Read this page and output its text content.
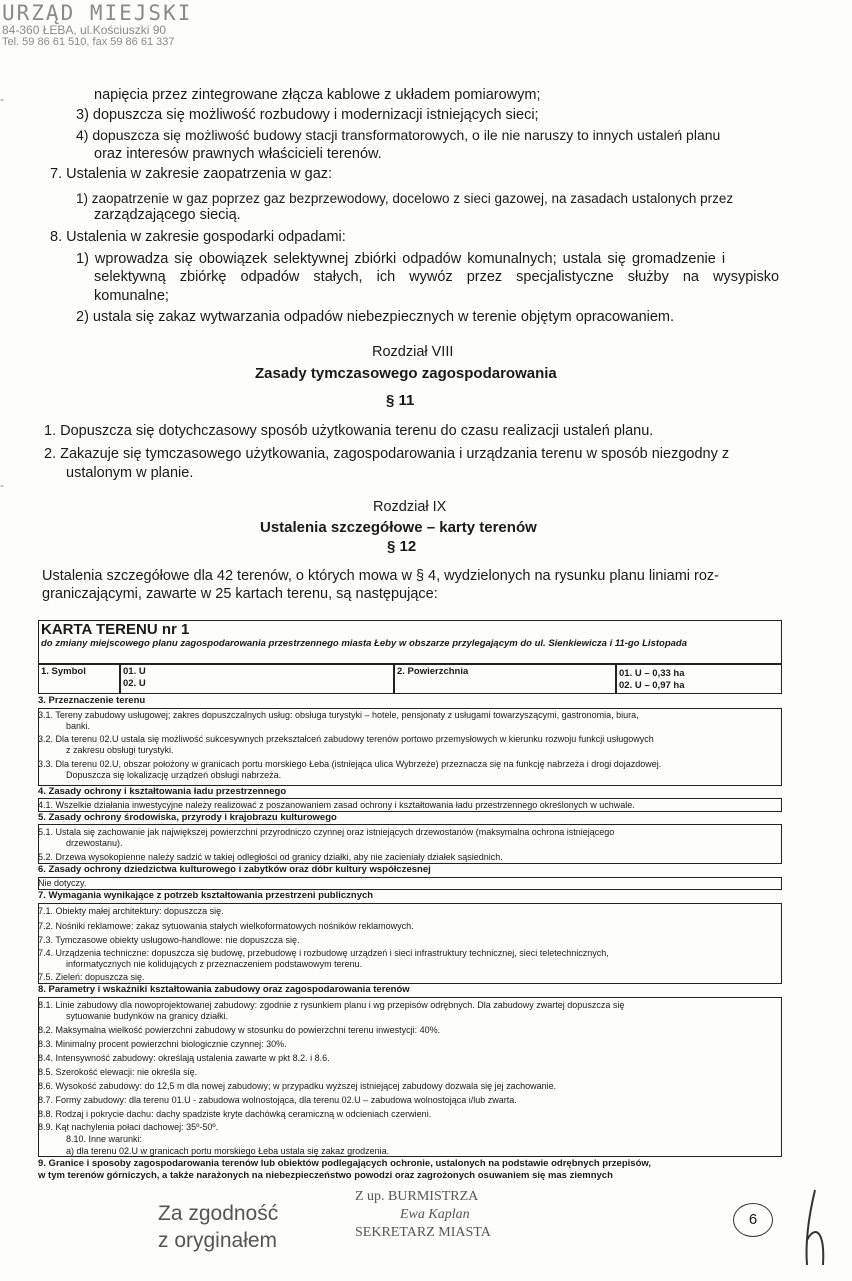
URZĄD MIEJSKI
84-360 ŁEBA, ul.Kościuszki 90
Tel. 59 86 61 510, fax 59 86 61 337
-
-
napięcia przez zintegrowane złącza kablowe z układem pomiarowym;
3) dopuszcza się możliwość rozbudowy i modernizacji istniejących sieci;
4) dopuszcza się możliwość budowy stacji transformatorowych, o ile nie naruszy to innych ustaleń planu
oraz interesów prawnych właścicieli terenów.
7. Ustalenia w zakresie zaopatrzenia w gaz:
1) zaopatrzenie w gaz poprzez gaz bezprzewodowy, docelowo z sieci gazowej, na zasadach ustalonych przez
zarządzającego siecią.
8. Ustalenia w zakresie gospodarki odpadami:
1) wprowadza się obowiązek selektywnej zbiórki odpadów komunalnych; ustala się gromadzenie i
selektywną zbiórkę odpadów stałych, ich wywóz przez specjalistyczne służby na wysypisko
komunalne;
2) ustala się zakaz wytwarzania odpadów niebezpiecznych w terenie objętym opracowaniem.
Rozdział VIII
Zasady tymczasowego zagospodarowania
§ 11
1. Dopuszcza się dotychczasowy sposób użytkowania terenu do czasu realizacji ustaleń planu.
2. Zakazuje się tymczasowego użytkowania, zagospodarowania i urządzania terenu w sposób niezgodny z
ustalonym w planie.
Rozdział IX
Ustalenia szczegółowe – karty terenów
§ 12
Ustalenia szczegółowe dla 42 terenów, o których mowa w § 4, wydzielonych na rysunku planu liniami roz-
graniczającymi, zawarte w 25 kartach terenu, są następujące:
KARTA TERENU nr 1
do zmiany miejscowego planu zagospodarowania przestrzennego miasta Łeby w obszarze przylegającym do ul. Sienkiewicza i 11-go Listopada
1. Symbol	01. U
02. U
2. Powierzchnia	01. U – 0,33 ha
02. U – 0,97 ha
3. Przeznaczenie terenu
3.1. Tereny zabudowy usługowej; zakres dopuszczalnych usług: obsługa turystyki – hotele, pensjonaty z usługami towarzyszącymi, gastronomia, biura,
banki.
3.2. Dla terenu 02.U ustala się możliwość sukcesywnych przekształceń zabudowy terenów portowo przemysłowych w kierunku rozwoju funkcji usługowych
z zakresu obsługi turystyki.
3.3. Dla terenu 02.U, obszar położony w granicach portu morskiego Łeba (istniejąca ulica Wybrzeże) przeznacza się na funkcję nabrzeża i drogi dojazdowej.
Dopuszcza się lokalizację urządzeń obsługi nabrzeża.
4. Zasady ochrony i kształtowania ładu przestrzennego
4.1. Wszelkie działania inwestycyjne należy realizować z poszanowaniem zasad ochrony i kształtowania ładu przestrzennego określonych w uchwale.
5. Zasady ochrony środowiska, przyrody i krajobrazu kulturowego
5.1. Ustala się zachowanie jak największej powierzchni przyrodniczo czynnej oraz istniejących drzewostanów (maksymalna ochrona istniejącego
drzewostanu).
5.2. Drzewa wysokopienne należy sadzić w takiej odległości od granicy działki, aby nie zacieniały działek sąsiednich.
6. Zasady ochrony dziedzictwa kulturowego i zabytków oraz dóbr kultury współczesnej
Nie dotyczy.
7. Wymagania wynikające z potrzeb kształtowania przestrzeni publicznych
7.1. Obiekty małej architektury: dopuszcza się.
7.2. Nośniki reklamowe: zakaz sytuowania stałych wielkoformatowych nośników reklamowych.
7.3. Tymczasowe obiekty usługowo-handlowe: nie dopuszcza się.
7.4. Urządzenia techniczne: dopuszcza się budowę, przebudowę i rozbudowę urządzeń i sieci infrastruktury technicznej, sieci teletechnicznych,
informatycznych nie kolidujących z przeznaczeniem podstawowym terenu.
7.5. Zieleń: dopuszcza się.
8. Parametry i wskaźniki kształtowania zabudowy oraz zagospodarowania terenów
8.1. Linie zabudowy dla nowoprojektowanej zabudowy: zgodnie z rysunkiem planu i wg przepisów odrębnych. Dla zabudowy zwartej dopuszcza się
sytuowanie budynków na granicy działki.
8.2. Maksymalna wielkość powierzchni zabudowy w stosunku do powierzchni terenu inwestycji: 40%.
8.3. Minimalny procent powierzchni biologicznie czynnej: 30%.
8.4. Intensywność zabudowy: określają ustalenia zawarte w pkt 8.2. i 8.6.
8.5. Szerokość elewacji: nie określa się.
8.6. Wysokość zabudowy: do 12,5 m dla nowej zabudowy; w przypadku wyższej istniejącej zabudowy dozwala się jej zachowanie.
8.7. Formy zabudowy: dla terenu 01.U - zabudowa wolnostojąca, dla terenu 02.U – zabudowa wolnostojąca i/lub zwarta.
8.8. Rodzaj i pokrycie dachu: dachy spadziste kryte dachówką ceramiczną w odcieniach czerwieni.
8.9. Kąt nachylenia połaci dachowej: 35º-50º.
8.10. Inne warunki:
a) dla terenu 02.U w granicach portu morskiego Łeba ustala się zakaz grodzenia.
9. Granice i sposoby zagospodarowania terenów lub obiektów podlegających ochronie, ustalonych na podstawie odrębnych przepisów,
w tym terenów górniczych, a także narażonych na niebezpieczeństwo powodzi oraz zagrożonych osuwaniem się mas ziemnych
Za zgodność
z oryginałem
Z up. BURMISTRZA
Ewa Kaplan
SEKRETARZ MIASTA
6
